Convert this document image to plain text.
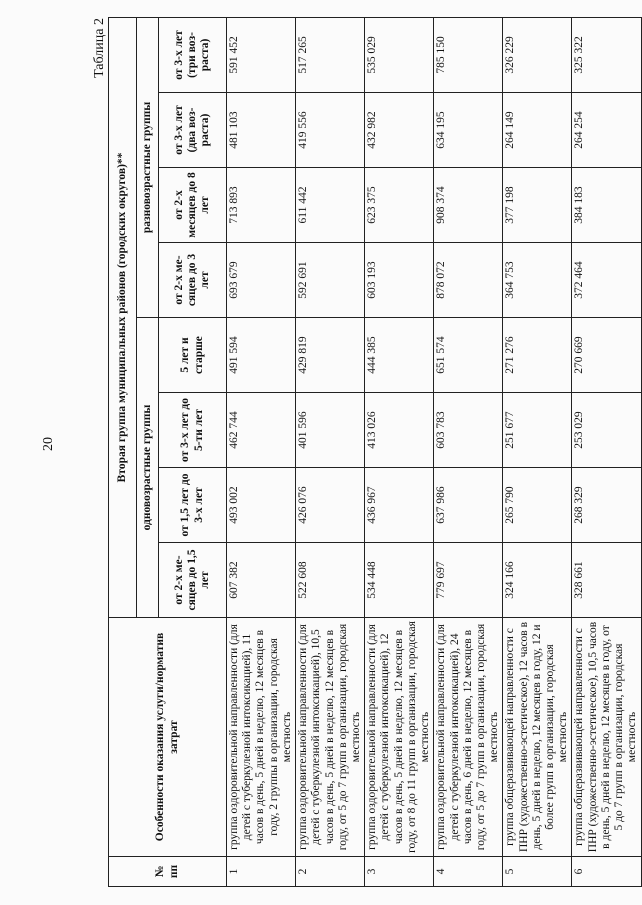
20
Таблица 2
№ пп	Особенности оказания услуги/норматив затрат	Вторая группа муниципальных районов (городских округов)**							
		одновозрастные группы				разновозрастные группы			
		от 2-х ме-сяцев до 1,5 лет	от 1,5 лет до 3-х лет	от 3-х лет до 5-ти лет	5 лет и старше	от 2-х ме-сяцев до 3 лет	от 2-х месяцев до 8 лет	от 3-х лет (два воз-раста)	от 3-х лет (три воз-раста)
1	группа оздоровительной направленности (для детей с туберкулезной интоксикацией), 11 часов в день, 5 дней в неделю, 12 месяцев в году, 2 группы в организации, городская местность	607 382	493 002	462 744	491 594	693 679	713 893	481 103	591 452
2	группа оздоровительной направленности (для детей с туберкулезной интоксикацией), 10,5 часов в день, 5 дней в неделю, 12 месяцев в году, от 5 до 7 групп в организации, городская местность	522 608	426 076	401 596	429 819	592 691	611 442	419 556	517 265
3	группа оздоровительной направленности (для детей с туберкулезной интоксикацией), 12 часов в день, 5 дней в неделю, 12 месяцев в году, от 8 до 11 групп в организации, городская местность	534 448	436 967	413 026	444 385	603 193	623 375	432 982	535 029
4	группа оздоровительной направленности (для детей с туберкулезной интоксикацией), 24 часов в день, 6 дней в неделю, 12 месяцев в году, от 5 до 7 групп в организации, городская местность	779 697	637 986	603 783	651 574	878 072	908 374	634 195	785 150
5	группа общеразвивающей направленности с ПНР (художественно-эстетическое), 12 часов в день, 5 дней в неделю, 12 месяцев в году, 12 и более групп в организации, городская местность	324 166	265 790	251 677	271 276	364 753	377 198	264 149	326 229
6	группа общеразвивающей направленности с ПНР (художественно-эстетическое), 10,5 часов в день, 5 дней в неделю, 12 месяцев в году, от 5 до 7 групп в организации, городская местность	328 661	268 329	253 029	270 669	372 464	384 183	264 254	325 322
